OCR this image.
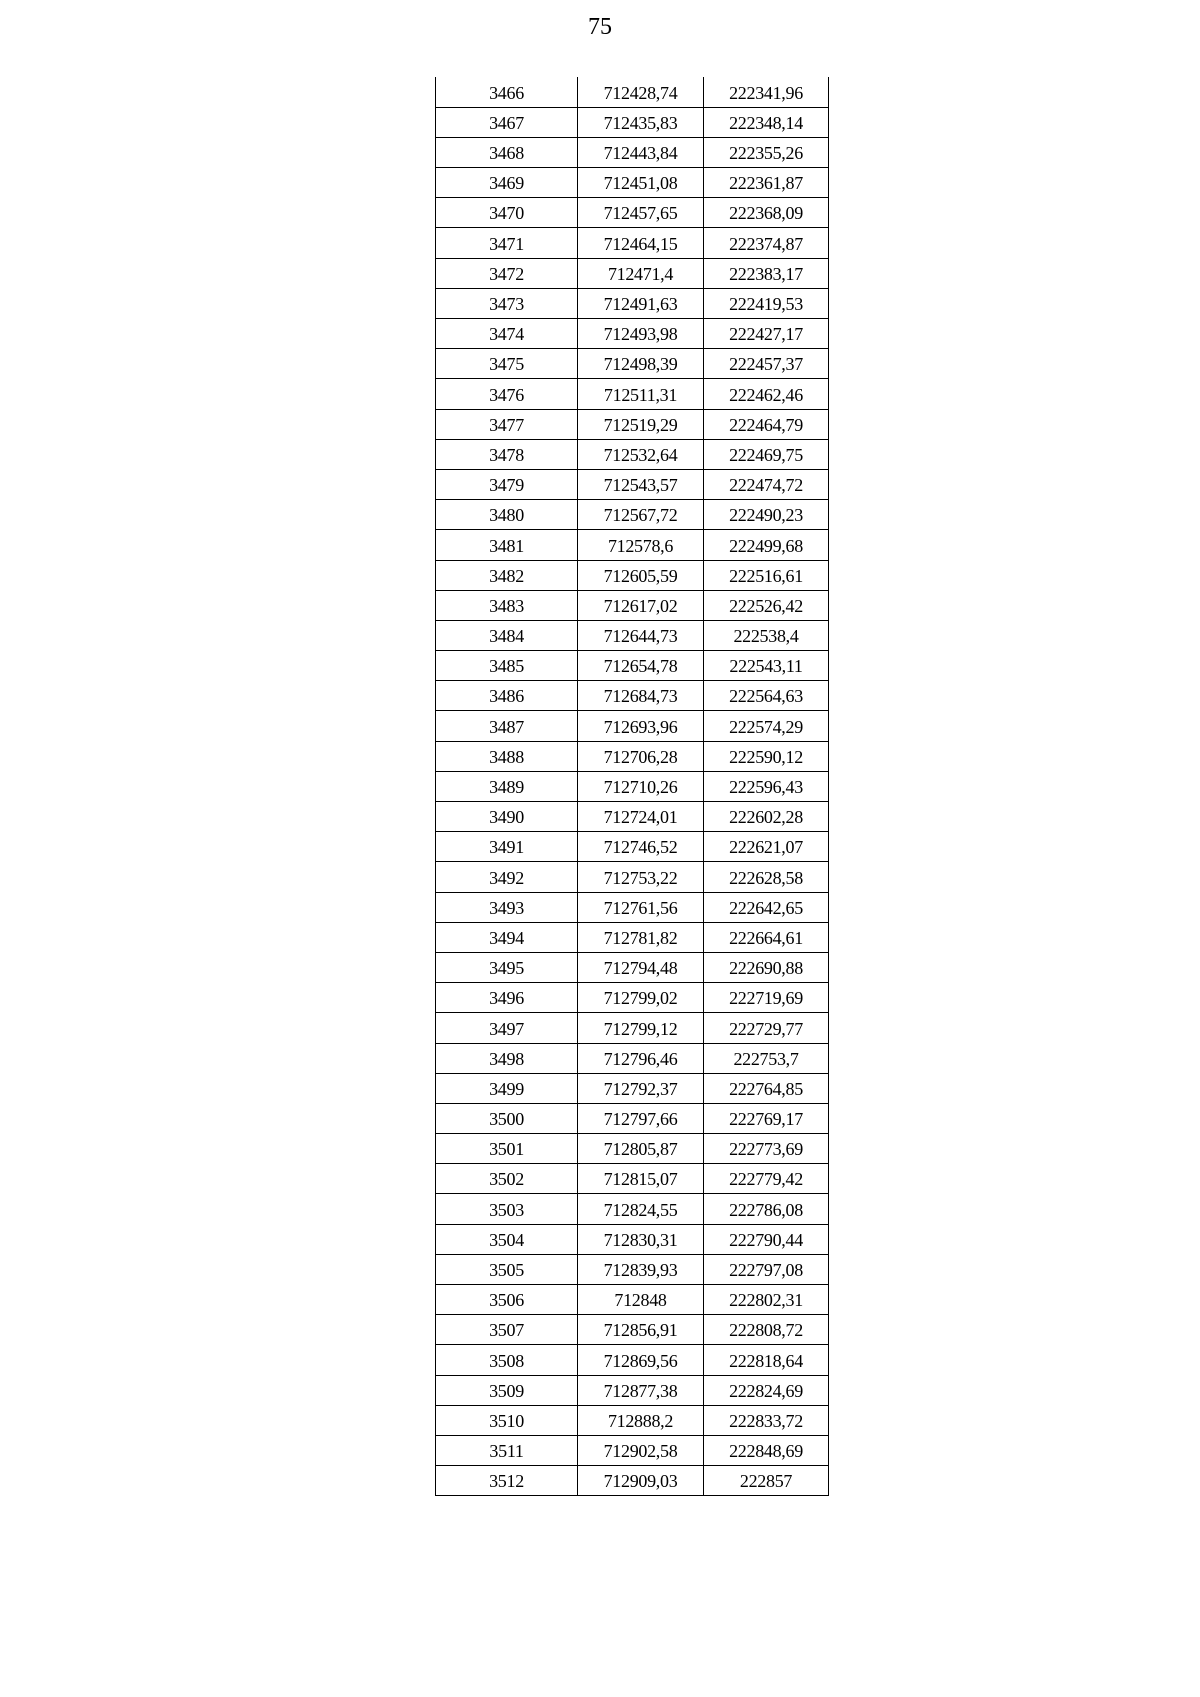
75
3466	712428,74	222341,96
3467	712435,83	222348,14
3468	712443,84	222355,26
3469	712451,08	222361,87
3470	712457,65	222368,09
3471	712464,15	222374,87
3472	712471,4	222383,17
3473	712491,63	222419,53
3474	712493,98	222427,17
3475	712498,39	222457,37
3476	712511,31	222462,46
3477	712519,29	222464,79
3478	712532,64	222469,75
3479	712543,57	222474,72
3480	712567,72	222490,23
3481	712578,6	222499,68
3482	712605,59	222516,61
3483	712617,02	222526,42
3484	712644,73	222538,4
3485	712654,78	222543,11
3486	712684,73	222564,63
3487	712693,96	222574,29
3488	712706,28	222590,12
3489	712710,26	222596,43
3490	712724,01	222602,28
3491	712746,52	222621,07
3492	712753,22	222628,58
3493	712761,56	222642,65
3494	712781,82	222664,61
3495	712794,48	222690,88
3496	712799,02	222719,69
3497	712799,12	222729,77
3498	712796,46	222753,7
3499	712792,37	222764,85
3500	712797,66	222769,17
3501	712805,87	222773,69
3502	712815,07	222779,42
3503	712824,55	222786,08
3504	712830,31	222790,44
3505	712839,93	222797,08
3506	712848	222802,31
3507	712856,91	222808,72
3508	712869,56	222818,64
3509	712877,38	222824,69
3510	712888,2	222833,72
3511	712902,58	222848,69
3512	712909,03	222857
